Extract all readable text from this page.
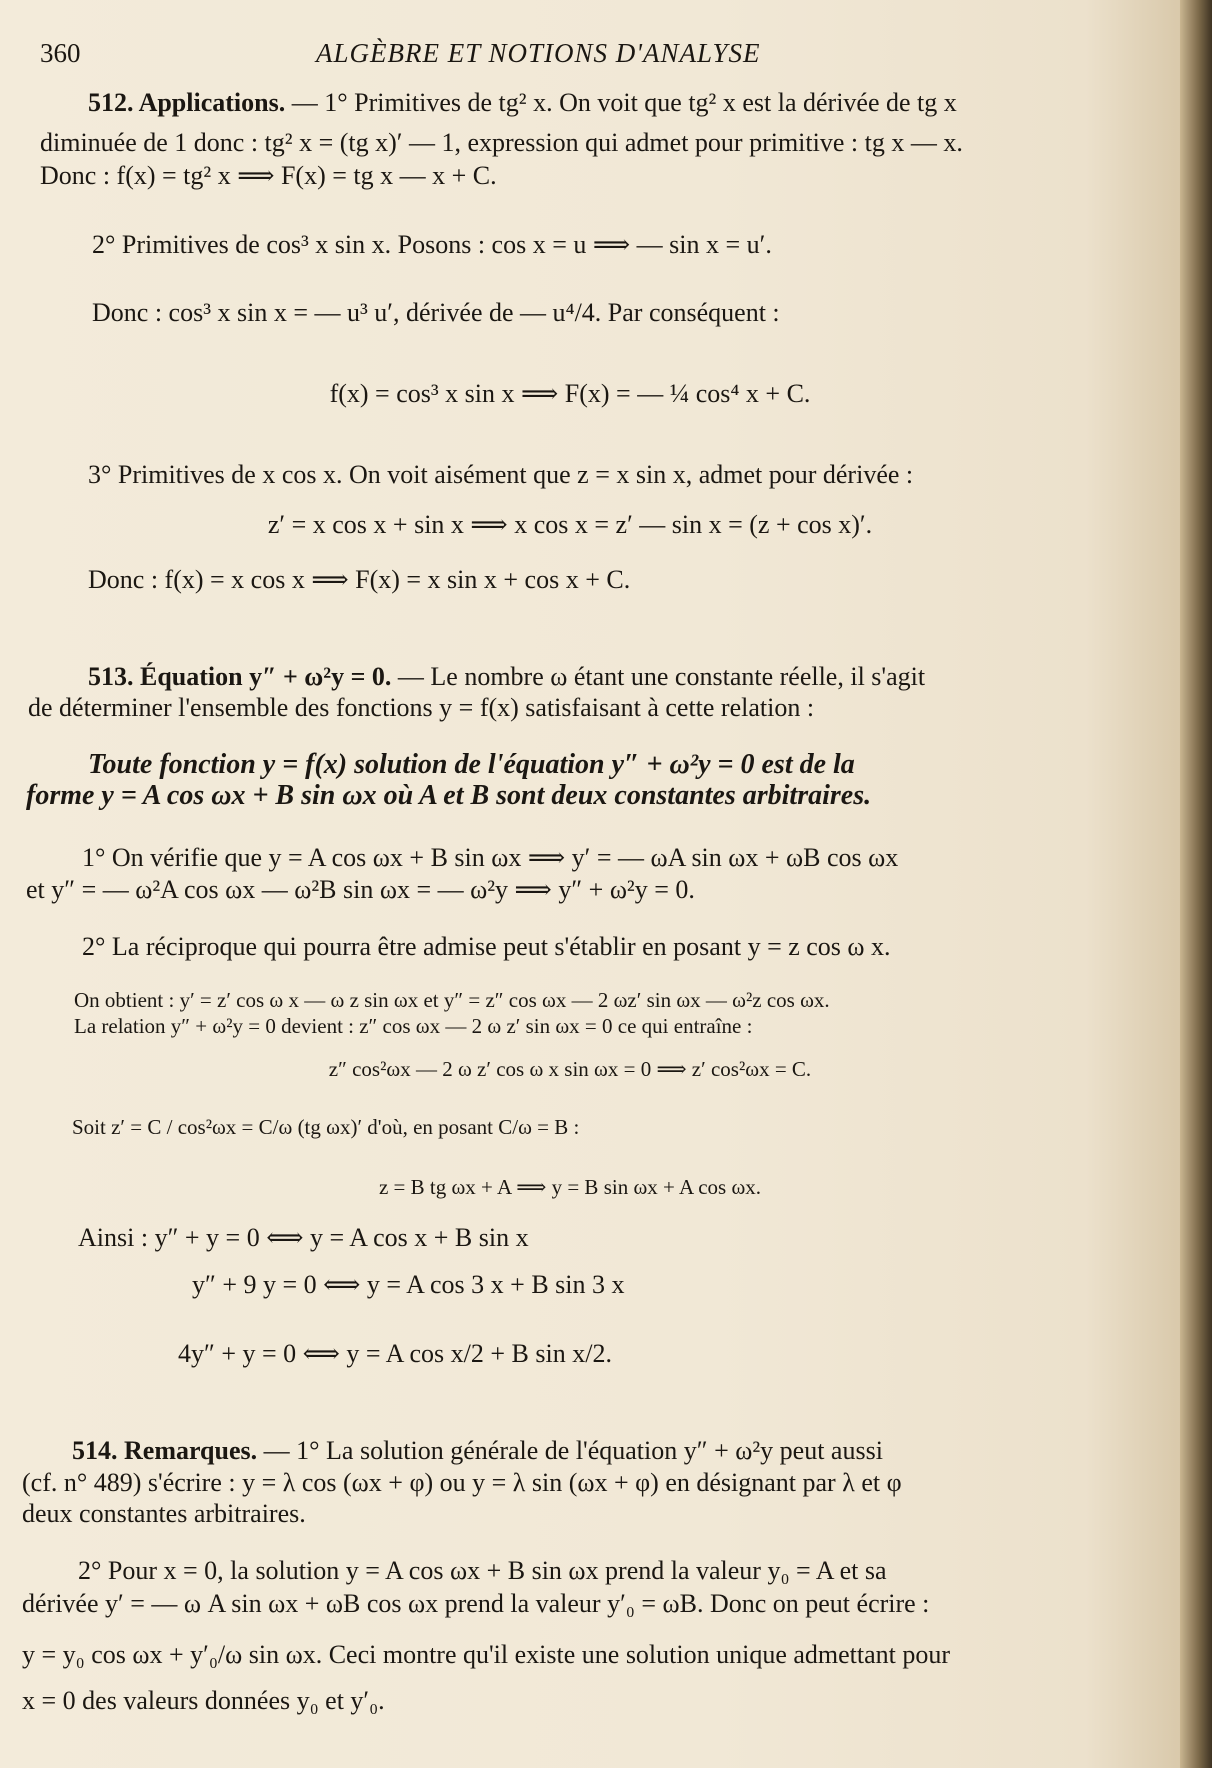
360	ALGÈBRE ET NOTIONS D'ANALYSE
512. Applications. — 1° Primitives de tg² x. On voit que tg² x est la dérivée de tg x
diminuée de 1 donc : tg² x = (tg x)′ — 1, expression qui admet pour primitive : tg x — x.
Donc : f(x) = tg² x ⟹ F(x) = tg x — x + C.
2° Primitives de cos³ x sin x. Posons : cos x = u ⟹ — sin x = u′.
Donc : cos³ x sin x = — u³ u′, dérivée de — u⁴/4. Par conséquent :
f(x) = cos³ x sin x ⟹ F(x) = — ¼ cos⁴ x + C.
3° Primitives de x cos x. On voit aisément que z = x sin x, admet pour dérivée :
z′ = x cos x + sin x ⟹ x cos x = z′ — sin x = (z + cos x)′.
Donc : f(x) = x cos x ⟹ F(x) = x sin x + cos x + C.
513. Équation y″ + ω²y = 0. — Le nombre ω étant une constante réelle, il s'agit
de déterminer l'ensemble des fonctions y = f(x) satisfaisant à cette relation :
Toute fonction y = f(x) solution de l'équation y″ + ω²y = 0 est de la
forme y = A cos ωx + B sin ωx où A et B sont deux constantes arbitraires.
1° On vérifie que y = A cos ωx + B sin ωx ⟹ y′ = — ωA sin ωx + ωB cos ωx
et y″ = — ω²A cos ωx — ω²B sin ωx = — ω²y ⟹ y″ + ω²y = 0.
2° La réciproque qui pourra être admise peut s'établir en posant y = z cos ω x.
On obtient : y′ = z′ cos ω x — ω z sin ωx et y″ = z″ cos ωx — 2 ωz′ sin ωx — ω²z cos ωx.
La relation y″ + ω²y = 0 devient : z″ cos ωx — 2 ω z′ sin ωx = 0 ce qui entraîne :
z″ cos²ωx — 2 ω z′ cos ω x sin ωx = 0 ⟹ z′ cos²ωx = C.
Soit z′ = C / cos²ωx = C/ω (tg ωx)′ d'où, en posant C/ω = B :
z = B tg ωx + A ⟹ y = B sin ωx + A cos ωx.
Ainsi : y″ + y = 0 ⟺ y = A cos x + B sin x
y″ + 9 y = 0 ⟺ y = A cos 3 x + B sin 3 x
4y″ + y = 0 ⟺ y = A cos x/2 + B sin x/2.
514. Remarques. — 1° La solution générale de l'équation y″ + ω²y peut aussi
(cf. n° 489) s'écrire : y = λ cos (ωx + φ) ou y = λ sin (ωx + φ) en désignant par λ et φ
deux constantes arbitraires.
2° Pour x = 0, la solution y = A cos ωx + B sin ωx prend la valeur y₀ = A et sa
dérivée y′ = — ω A sin ωx + ωB cos ωx prend la valeur y′₀ = ωB. Donc on peut écrire :
y = y₀ cos ωx + y′₀/ω sin ωx. Ceci montre qu'il existe une solution unique admettant pour
x = 0 des valeurs données y₀ et y′₀.
